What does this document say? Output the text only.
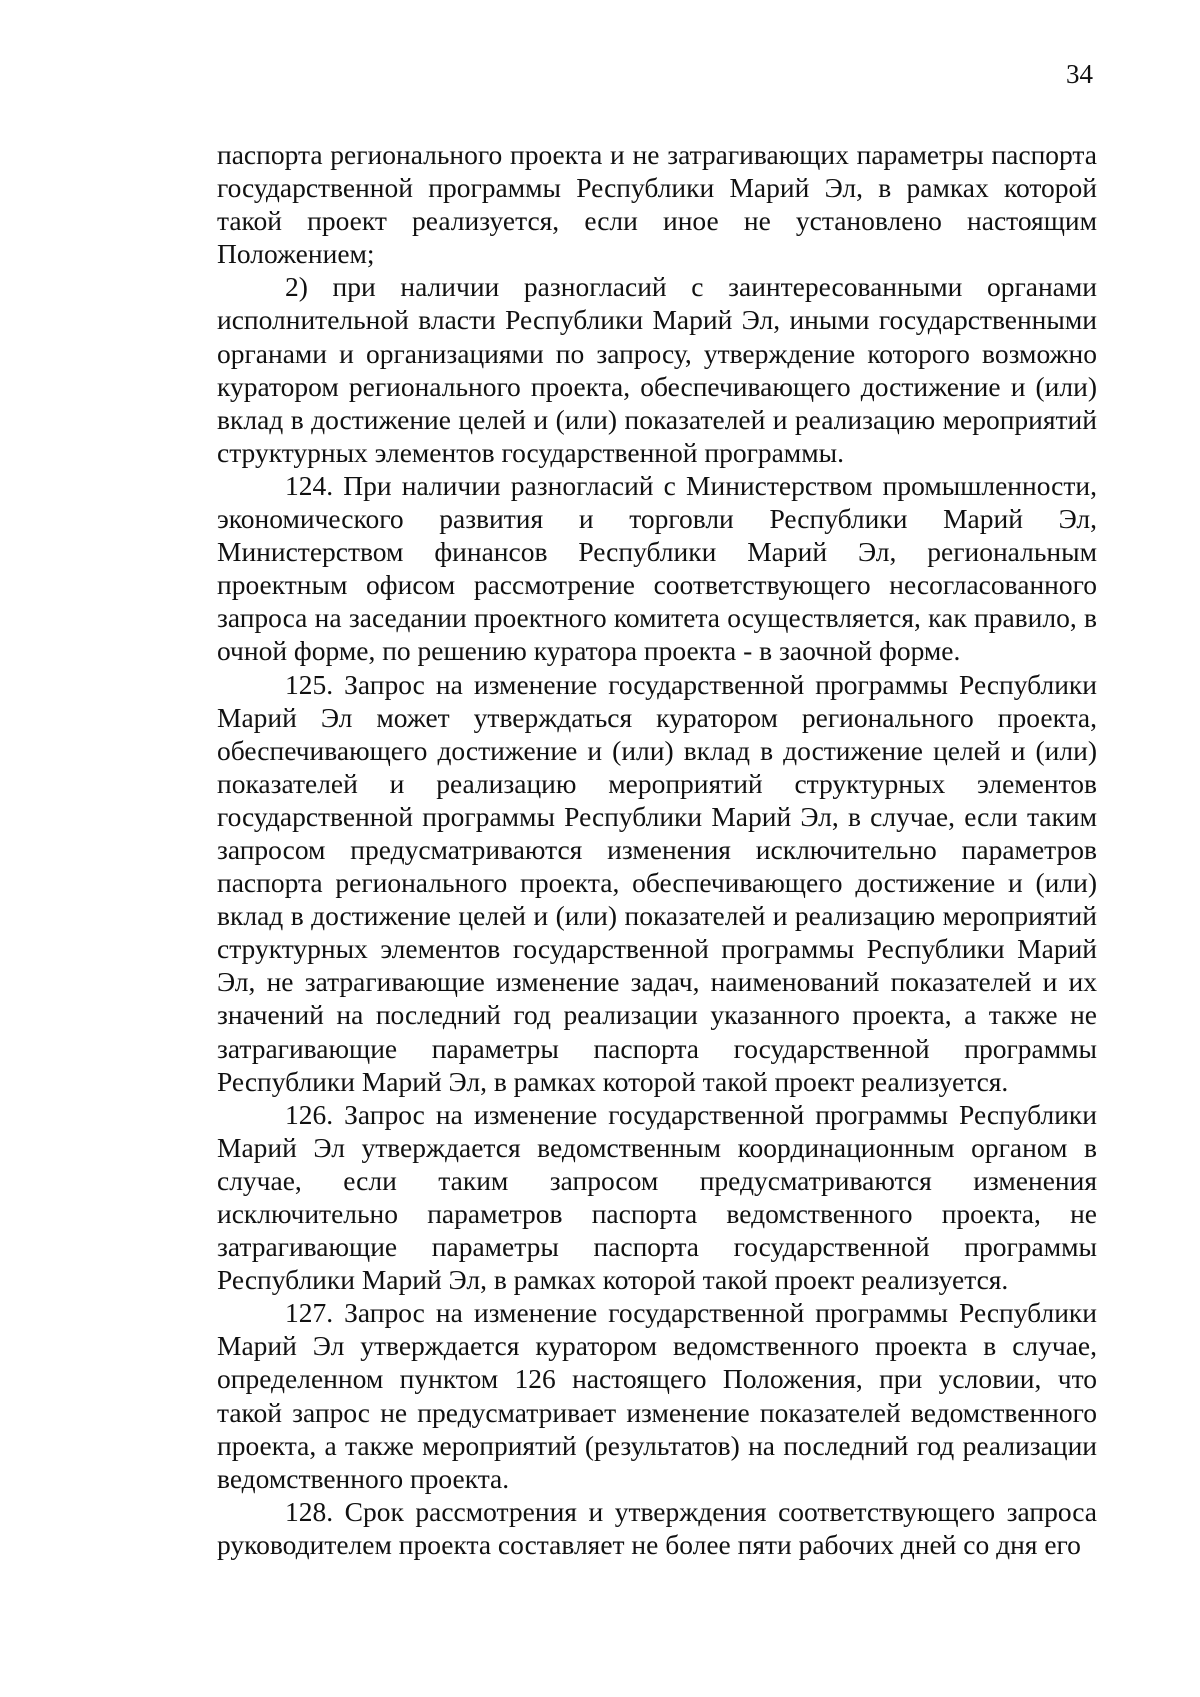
34

паспорта регионального проекта и не затрагивающих параметры паспорта государственной программы Республики Марий Эл, в рамках которой такой проект реализуется, если иное не установлено настоящим Положением;

2) при наличии разногласий с заинтересованными органами исполнительной власти Республики Марий Эл, иными государственными органами и организациями по запросу, утверждение которого возможно куратором регионального проекта, обеспечивающего достижение и (или) вклад в достижение целей и (или) показателей и реализацию мероприятий структурных элементов государственной программы.

124. При наличии разногласий с Министерством промышленности, экономического развития и торговли Республики Марий Эл, Министерством финансов Республики Марий Эл, региональным проектным офисом рассмотрение соответствующего несогласованного запроса на заседании проектного комитета осуществляется, как правило, в очной форме, по решению куратора проекта - в заочной форме.

125. Запрос на изменение государственной программы Республики Марий Эл может утверждаться куратором регионального проекта, обеспечивающего достижение и (или) вклад в достижение целей и (или) показателей и реализацию мероприятий структурных элементов государственной программы Республики Марий Эл, в случае, если таким запросом предусматриваются изменения исключительно параметров паспорта регионального проекта, обеспечивающего достижение и (или) вклад в достижение целей и (или) показателей и реализацию мероприятий структурных элементов государственной программы Республики Марий Эл, не затрагивающие изменение задач, наименований показателей и их значений на последний год реализации указанного проекта, а также не затрагивающие параметры паспорта государственной программы Республики Марий Эл, в рамках которой такой проект реализуется.

126. Запрос на изменение государственной программы Республики Марий Эл утверждается ведомственным координационным органом в случае, если таким запросом предусматриваются изменения исключительно параметров паспорта ведомственного проекта, не затрагивающие параметры паспорта государственной программы Республики Марий Эл, в рамках которой такой проект реализуется.

127. Запрос на изменение государственной программы Республики Марий Эл утверждается куратором ведомственного проекта в случае, определенном пунктом 126 настоящего Положения, при условии, что такой запрос не предусматривает изменение показателей ведомственного проекта, а также мероприятий (результатов) на последний год реализации ведомственного проекта.

128. Срок рассмотрения и утверждения соответствующего запроса руководителем проекта составляет не более пяти рабочих дней со дня его
